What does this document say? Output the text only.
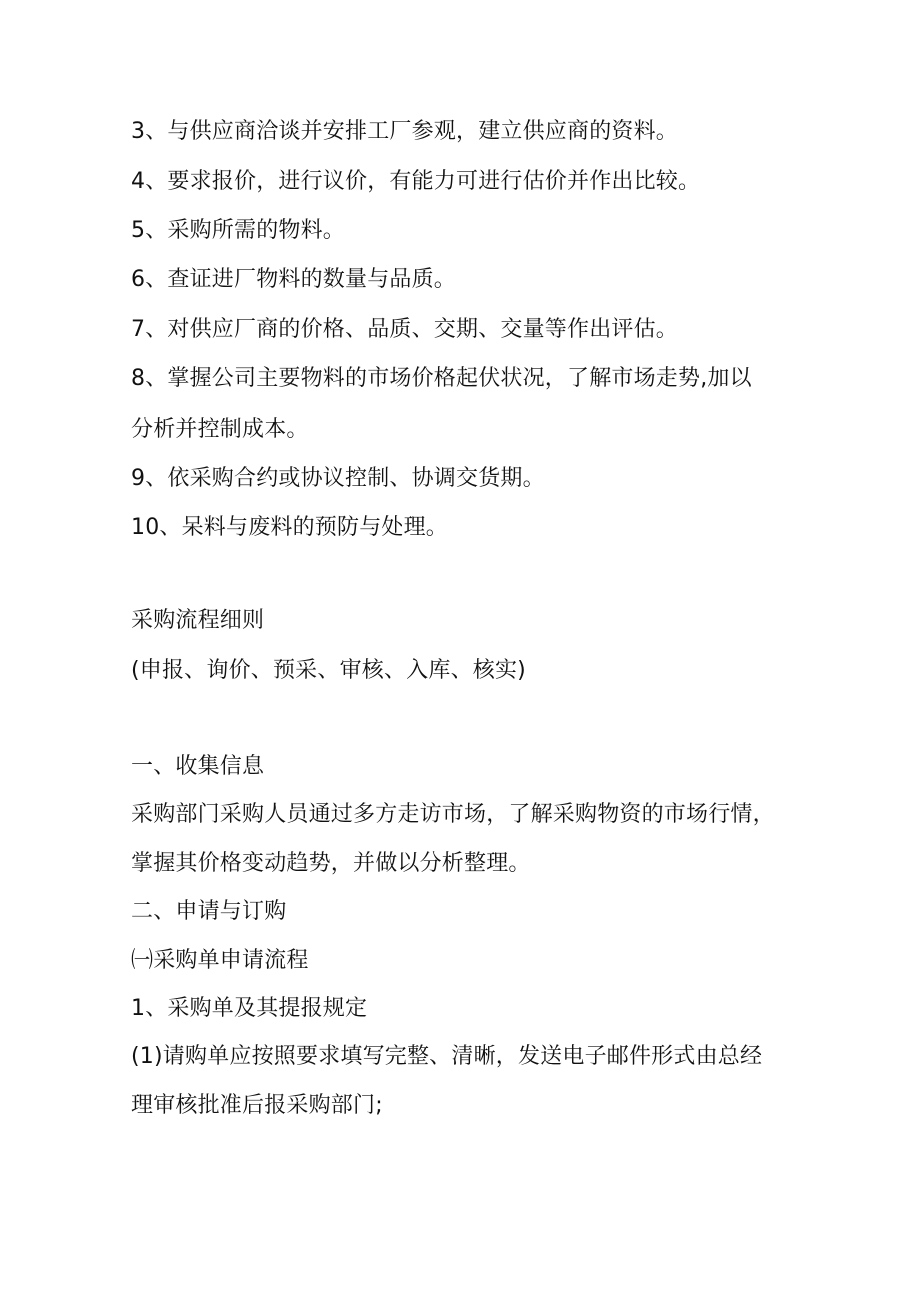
3、与供应商洽谈并安排工厂参观，建立供应商的资料。
4、要求报价，进行议价，有能力可进行估价并作出比较。
5、采购所需的物料。
6、查证进厂物料的数量与品质。
7、对供应厂商的价格、品质、交期、交量等作出评估。
8、掌握公司主要物料的市场价格起伏状况，了解市场走势,加以
分析并控制成本。
9、依采购合约或协议控制、协调交货期。
10、呆料与废料的预防与处理。
采购流程细则
(申报、询价、预采、审核、入库、核实)
一、收集信息
采购部门采购人员通过多方走访市场，了解采购物资的市场行情，
掌握其价格变动趋势，并做以分析整理。
二、申请与订购
㈠采购单申请流程
1、采购单及其提报规定
(1)请购单应按照要求填写完整、清晰，发送电子邮件形式由总经
理审核批准后报采购部门;
